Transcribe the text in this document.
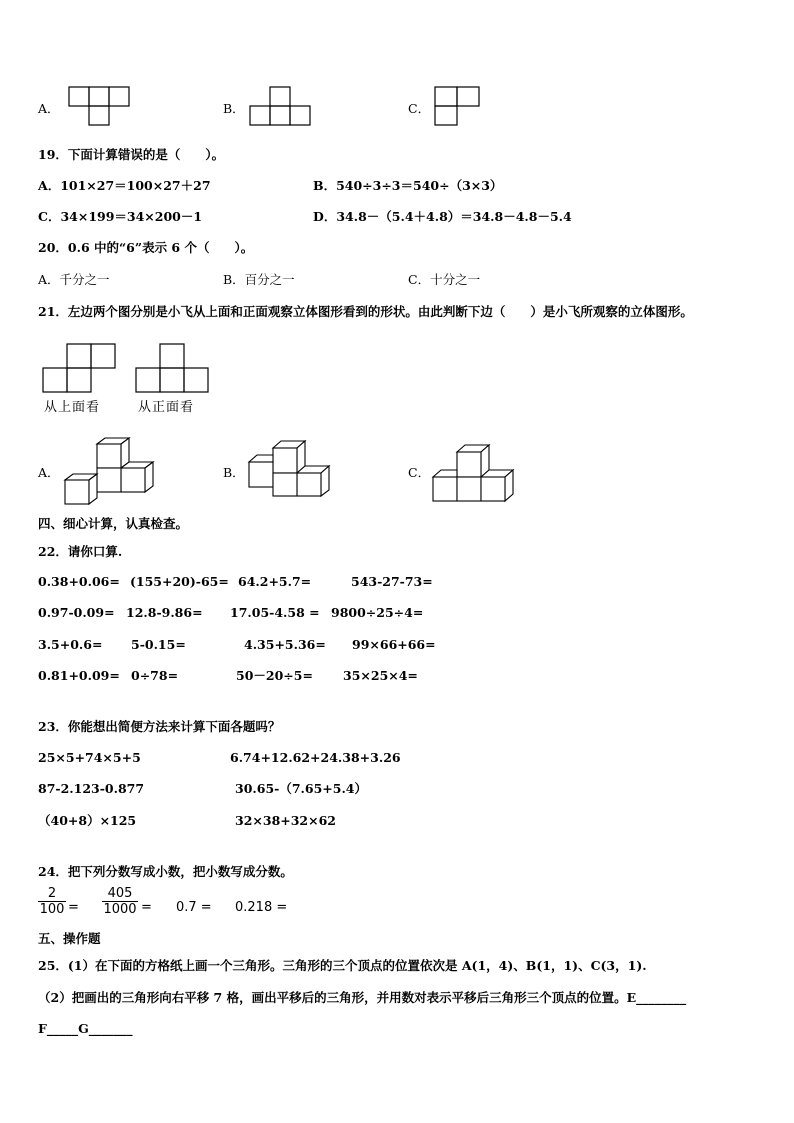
A．	B．	C．
19．下面计算错误的是（　　）。
A．101×27＝100×27＋27	B．540÷3÷3＝540÷（3×3）
C．34×199＝34×200－1	D．34.8－（5.4＋4.8）＝34.8－4.8－5.4
20．0.6 中的“6”表示 6 个（　　）。
A．千分之一	B．百分之一	C．十分之一
21．左边两个图分别是小飞从上面和正面观察立体图形看到的形状。由此判断下边（　　）是小飞所观察的立体图形。
从上面看	从正面看
A．	B．	C．
四、细心计算，认真检查。
22．请你口算.
0.38+0.06= (155+20)-65= 64.2+5.7=	543-27-73=
0.97-0.09= 12.8-9.86= 17.05-4.58 = 9800÷25÷4=
3.5+0.6= 5-0.15=	4.35+5.36= 99×66+66=
0.81+0.09= 0÷78=	50－20÷5= 35×25×4=
23．你能想出简便方法来计算下面各题吗？
25×5+74×5+5	6.74+12.62+24.38+3.26
87-2.123-0.877	30.65-（7.65+5.4）
（40+8）×125	32×38+32×62
24．把下列分数写成小数，把小数写成分数。
$\frac{2}{100} = \frac{405}{1000} = 0.7 = 0.218$ =
五、操作题
25．(1）在下面的方格纸上画一个三角形。三角形的三个顶点的位置依次是 A(1，4)、B(1，1)、C(3，1).
（2）把画出的三角形向右平移 7 格，画出平移后的三角形，并用数对表示平移后三角形三个顶点的位置。E________
F_____G_______
